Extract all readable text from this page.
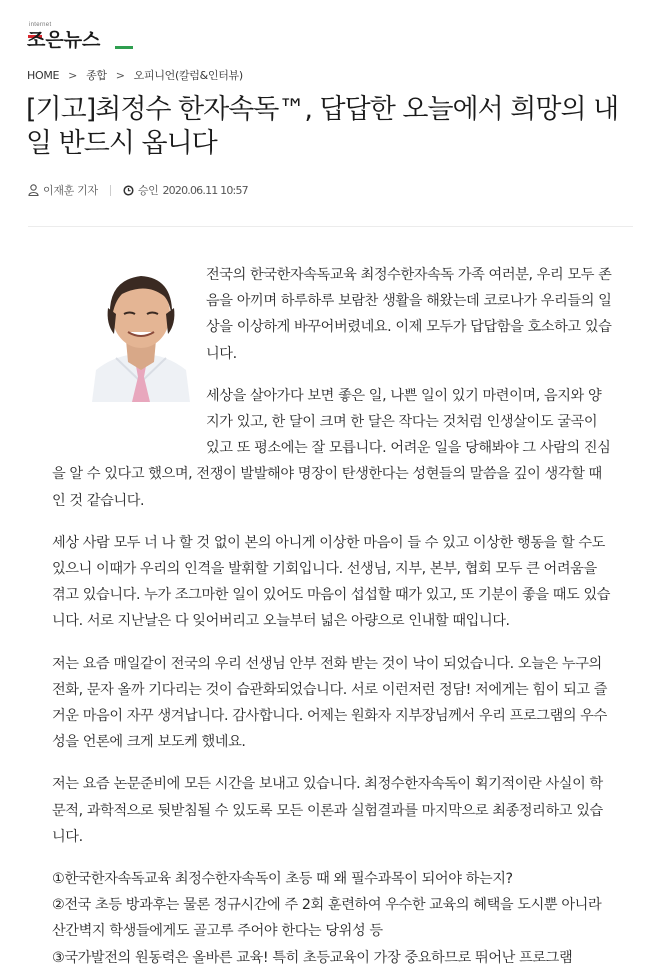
internet
조은뉴스
HOME > 종합 > 오피니언(칼럼&인터뷰)
[기고]최정수 한자속독™, 답답한 오늘에서 희망의 내일 반드시 옵니다
이재훈 기자	승인 2020.06.11 10:57

전국의 한국한자속독교육 최정수한자속독 가족 여러분, 우리 모두 존음을 아끼며 하루하루 보람찬 생활을 해왔는데 코로나가 우리들의 일상을 이상하게 바꾸어버렸네요. 이제 모두가 답답함을 호소하고 있습니다.

세상을 살아가다 보면 좋은 일, 나쁜 일이 있기 마련이며, 음지와 양지가 있고, 한 달이 크며 한 달은 작다는 것처럼 인생살이도 굴곡이 있고 또 평소에는 잘 모릅니다. 어려운 일을 당해봐야 그 사람의 진심을 알 수 있다고 했으며, 전쟁이 발발해야 명장이 탄생한다는 성현들의 말씀을 깊이 생각할 때인 것 같습니다.

세상 사람 모두 너 나 할 것 없이 본의 아니게 이상한 마음이 들 수 있고 이상한 행동을 할 수도 있으니 이때가 우리의 인격을 발휘할 기회입니다. 선생님, 지부, 본부, 협회 모두 큰 어려움을 겪고 있습니다. 누가 조그마한 일이 있어도 마음이 섭섭할 때가 있고, 또 기분이 좋을 때도 있습니다. 서로 지난날은 다 잊어버리고 오늘부터 넓은 아량으로 인내할 때입니다.

저는 요즘 매일같이 전국의 우리 선생님 안부 전화 받는 것이 낙이 되었습니다. 오늘은 누구의 전화, 문자 올까 기다리는 것이 습관화되었습니다. 서로 이런저런 정담! 저에게는 힘이 되고 즐거운 마음이 자꾸 생겨납니다. 감사합니다. 어제는 원화자 지부장님께서 우리 프로그램의 우수성을 언론에 크게 보도케 했네요.

저는 요즘 논문준비에 모든 시간을 보내고 있습니다. 최정수한자속독이 획기적이란 사실이 학문적, 과학적으로 뒷받침될 수 있도록 모든 이론과 실험결과를 마지막으로 최종정리하고 있습니다.

①한국한자속독교육 최정수한자속독이 초등 때 왜 필수과목이 되어야 하는지?

②전국 초등 방과후는 물론 정규시간에 주 2회 훈련하여 우수한 교육의 혜택을 도시뿐 아니라 산간벽지 학생들에게도 골고루 주어야 한다는 당위성 등

③국가발전의 원동력은 올바른 교육! 특히 초등교육이 가장 중요하므로 뛰어난 프로그램
